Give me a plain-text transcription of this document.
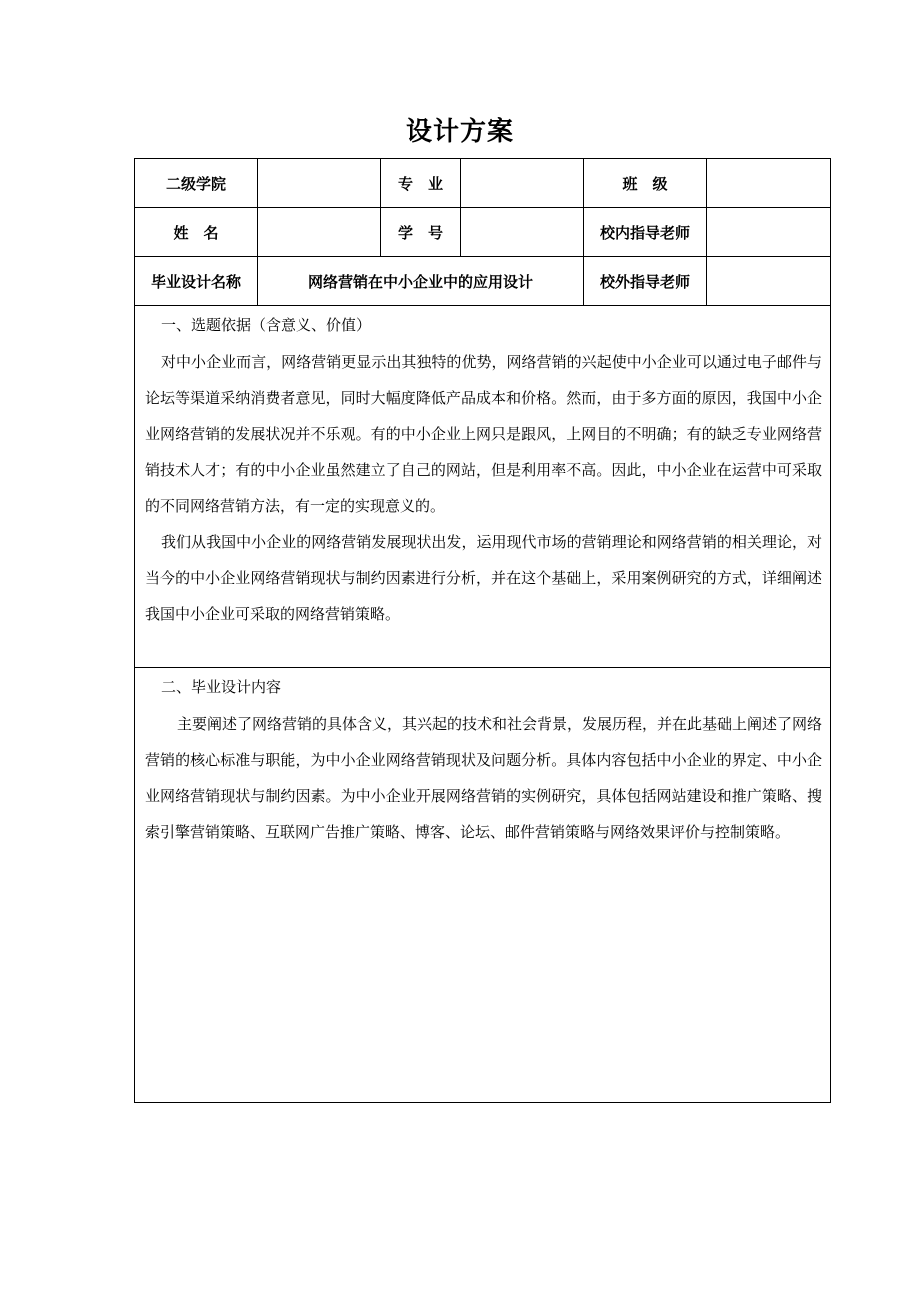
设计方案
二级学院		专　业		班　级	
姓　名		学　号		校内指导老师	
毕业设计名称	网络营销在中小企业中的应用设计			校外指导老师	

一、选题依据（含意义、价值）

对中小企业而言，网络营销更显示出其独特的优势，网络营销的兴起使中小企业可以通过电子邮件与论坛等渠道采纳消费者意见，同时大幅度降低产品成本和价格。然而，由于多方面的原因，我国中小企业网络营销的发展状况并不乐观。有的中小企业上网只是跟风，上网目的不明确；有的缺乏专业网络营销技术人才；有的中小企业虽然建立了自己的网站，但是利用率不高。因此，中小企业在运营中可采取的不同网络营销方法，有一定的实现意义的。

我们从我国中小企业的网络营销发展现状出发，运用现代市场的营销理论和网络营销的相关理论，对当今的中小企业网络营销现状与制约因素进行分析，并在这个基础上，采用案例研究的方式，详细阐述我国中小企业可采取的网络营销策略。					

二、毕业设计内容

主要阐述了网络营销的具体含义，其兴起的技术和社会背景，发展历程，并在此基础上阐述了网络营销的核心标准与职能，为中小企业网络营销现状及问题分析。具体内容包括中小企业的界定、中小企业网络营销现状与制约因素。为中小企业开展网络营销的实例研究，具体包括网站建设和推广策略、搜索引擎营销策略、互联网广告推广策略、博客、论坛、邮件营销策略与网络效果评价与控制策略。					
